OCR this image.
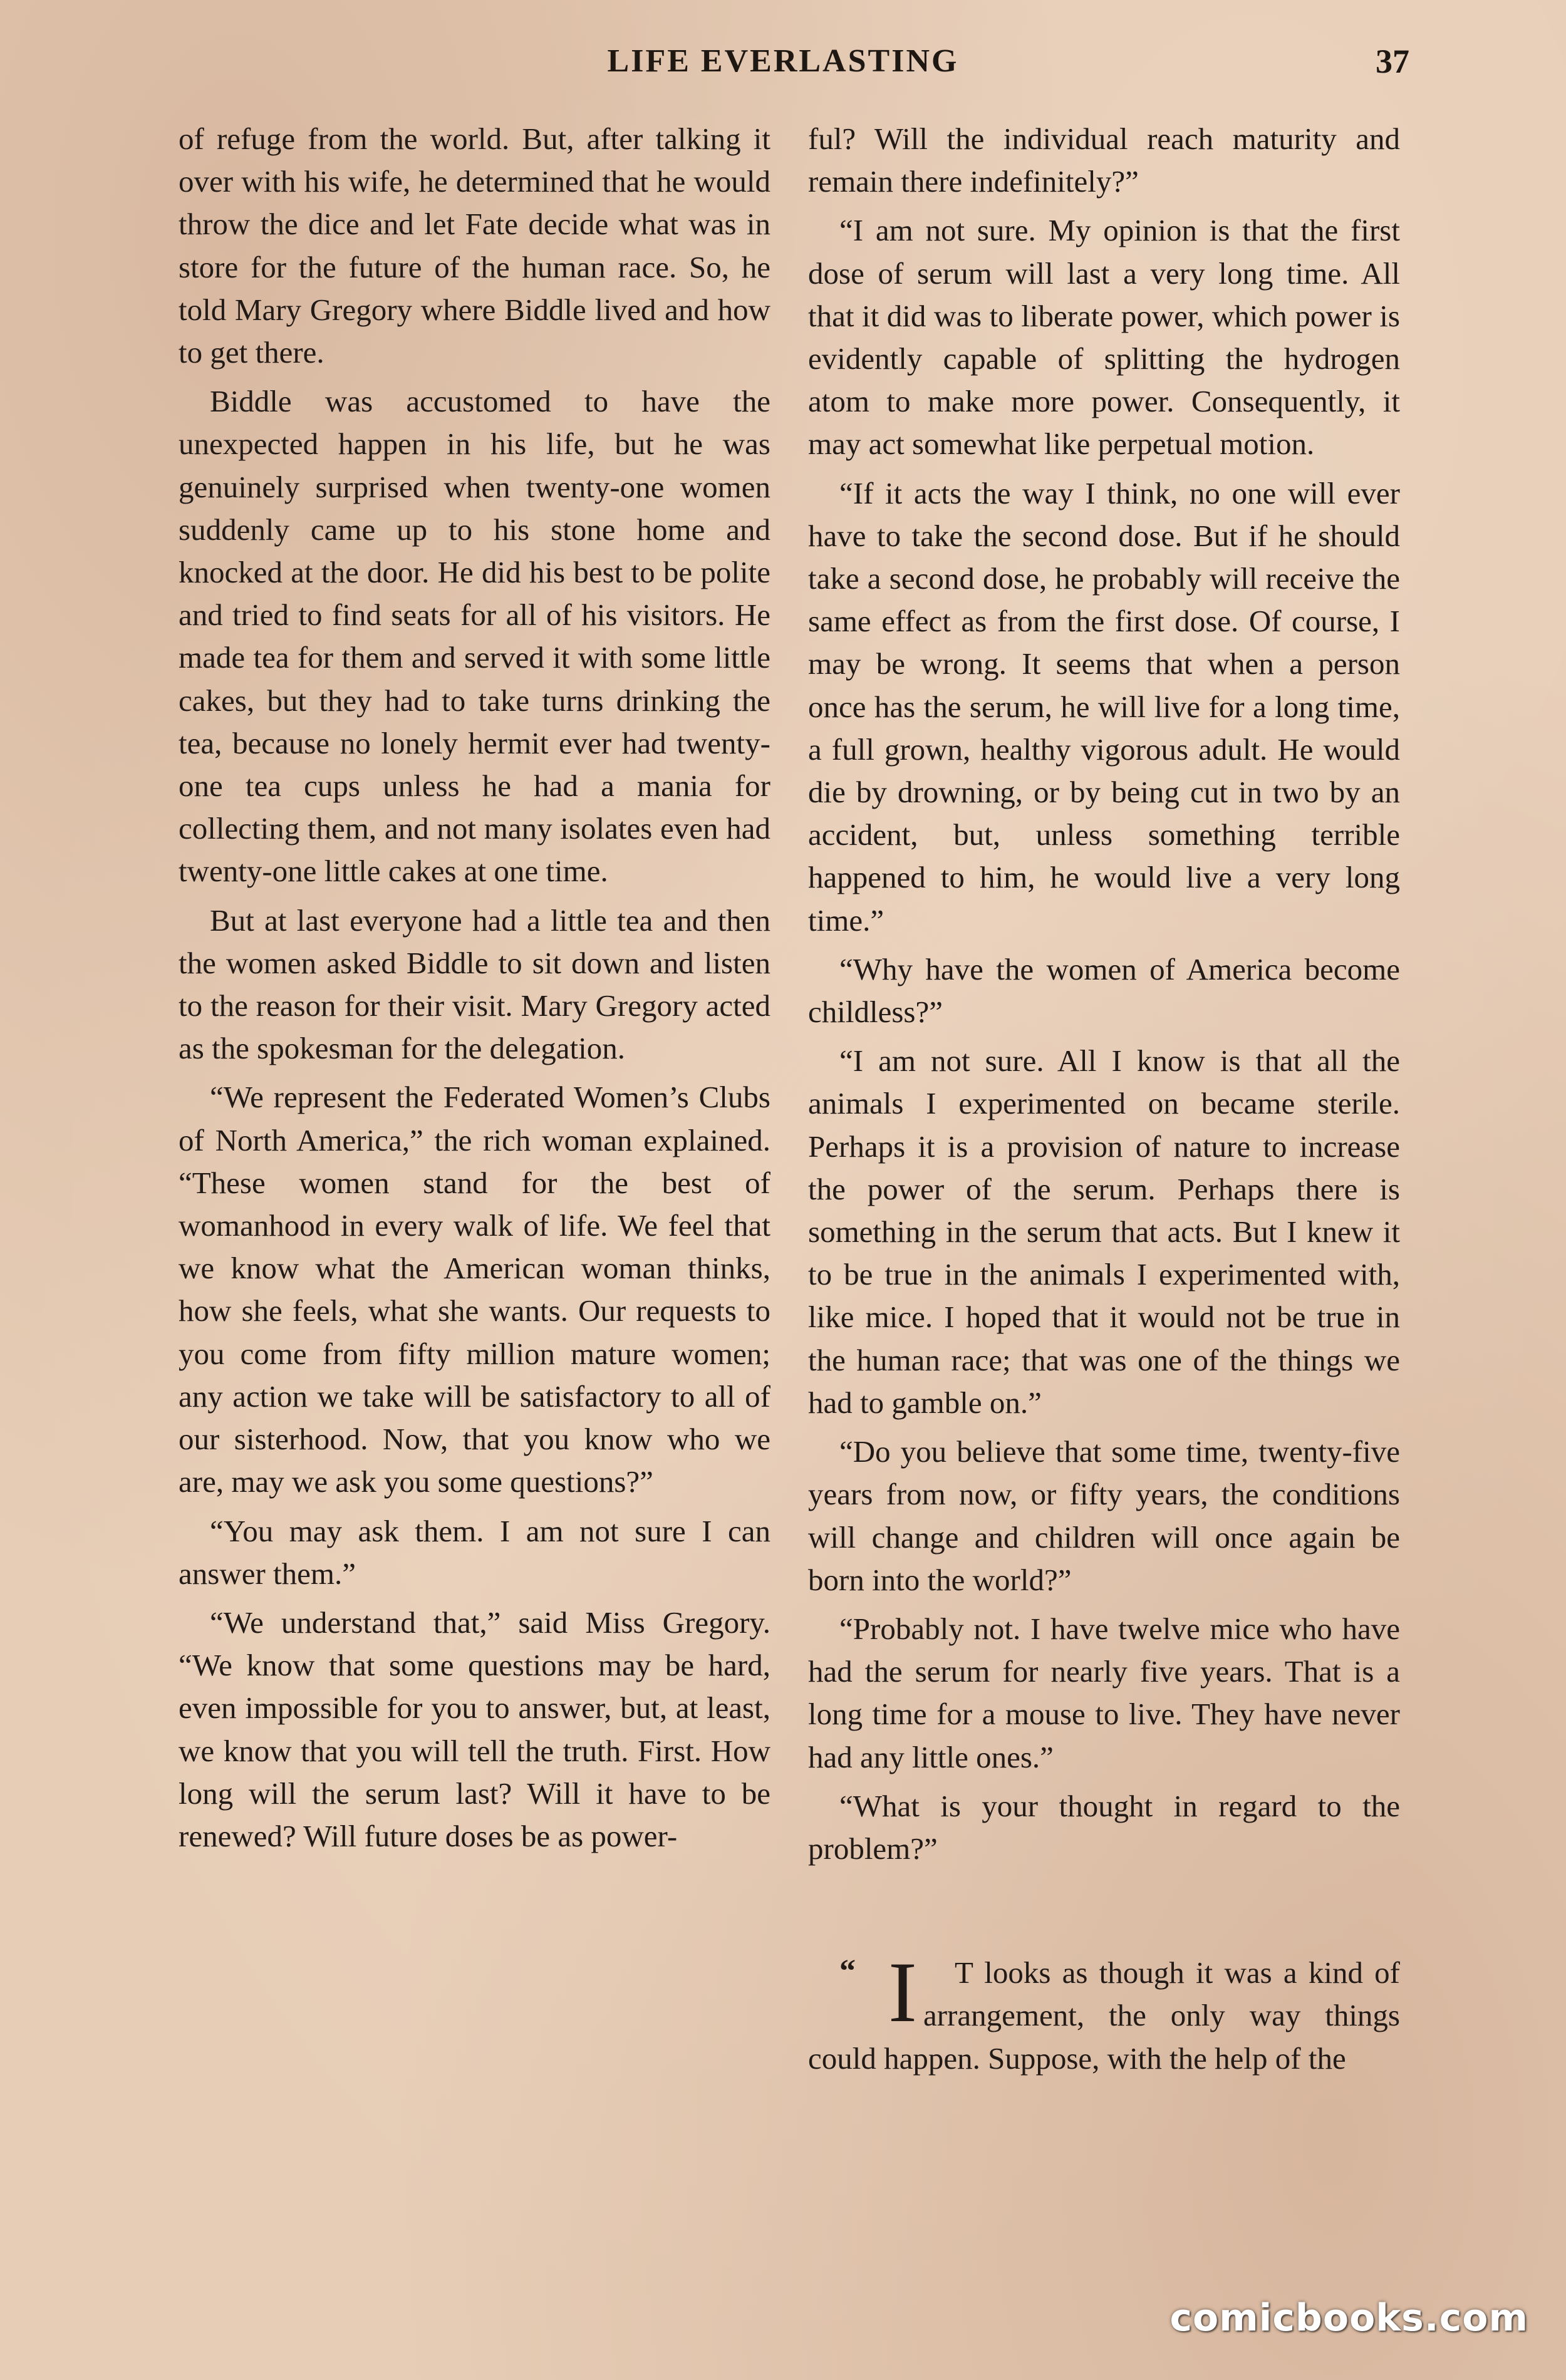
LIFE EVERLASTING	37

of refuge from the world. But, after talking it over with his wife, he determined that he would throw the dice and let Fate decide what was in store for the future of the human race. So, he told Mary Gregory where Biddle lived and how to get there.

Biddle was accustomed to have the unexpected happen in his life, but he was genuinely surprised when twenty-one women suddenly came up to his stone home and knocked at the door. He did his best to be polite and tried to find seats for all of his visitors. He made tea for them and served it with some little cakes, but they had to take turns drinking the tea, because no lonely hermit ever had twenty-one tea cups unless he had a mania for collecting them, and not many isolates even had twenty-one little cakes at one time.

But at last everyone had a little tea and then the women asked Biddle to sit down and listen to the reason for their visit. Mary Gregory acted as the spokesman for the delegation.

“We represent the Federated Women’s Clubs of North America,” the rich woman explained. “These women stand for the best of womanhood in every walk of life. We feel that we know what the American woman thinks, how she feels, what she wants. Our requests to you come from fifty million mature women; any action we take will be satisfactory to all of our sisterhood. Now, that you know who we are, may we ask you some questions?”

“You may ask them. I am not sure I can answer them.”

“We understand that,” said Miss Gregory. “We know that some questions may be hard, even impossible for you to answer, but, at least, we know that you will tell the truth. First. How long will the serum last? Will it have to be renewed? Will future doses be as power-

ful? Will the individual reach maturity and remain there indefinitely?”

“I am not sure. My opinion is that the first dose of serum will last a very long time. All that it did was to liberate power, which power is evidently capable of splitting the hydrogen atom to make more power. Consequently, it may act somewhat like perpetual motion.

“If it acts the way I think, no one will ever have to take the second dose. But if he should take a second dose, he probably will receive the same effect as from the first dose. Of course, I may be wrong. It seems that when a person once has the serum, he will live for a long time, a full grown, healthy vigorous adult. He would die by drowning, or by being cut in two by an accident, but, unless something terrible happened to him, he would live a very long time.”

“Why have the women of America become childless?”

“I am not sure. All I know is that all the animals I experimented on became sterile. Perhaps it is a provision of nature to increase the power of the serum. Perhaps there is something in the serum that acts. But I knew it to be true in the animals I experimented with, like mice. I hoped that it would not be true in the human race; that was one of the things we had to gamble on.”

“Do you believe that some time, twenty-five years from now, or fifty years, the conditions will change and children will once again be born into the world?”

“Probably not. I have twelve mice who have had the serum for nearly five years. That is a long time for a mouse to live. They have never had any little ones.”

“What is your thought in regard to the problem?”

“ I T looks as though it was a kind of arrangement, the only way things could happen. Suppose, with the help of the

comicbooks.com
